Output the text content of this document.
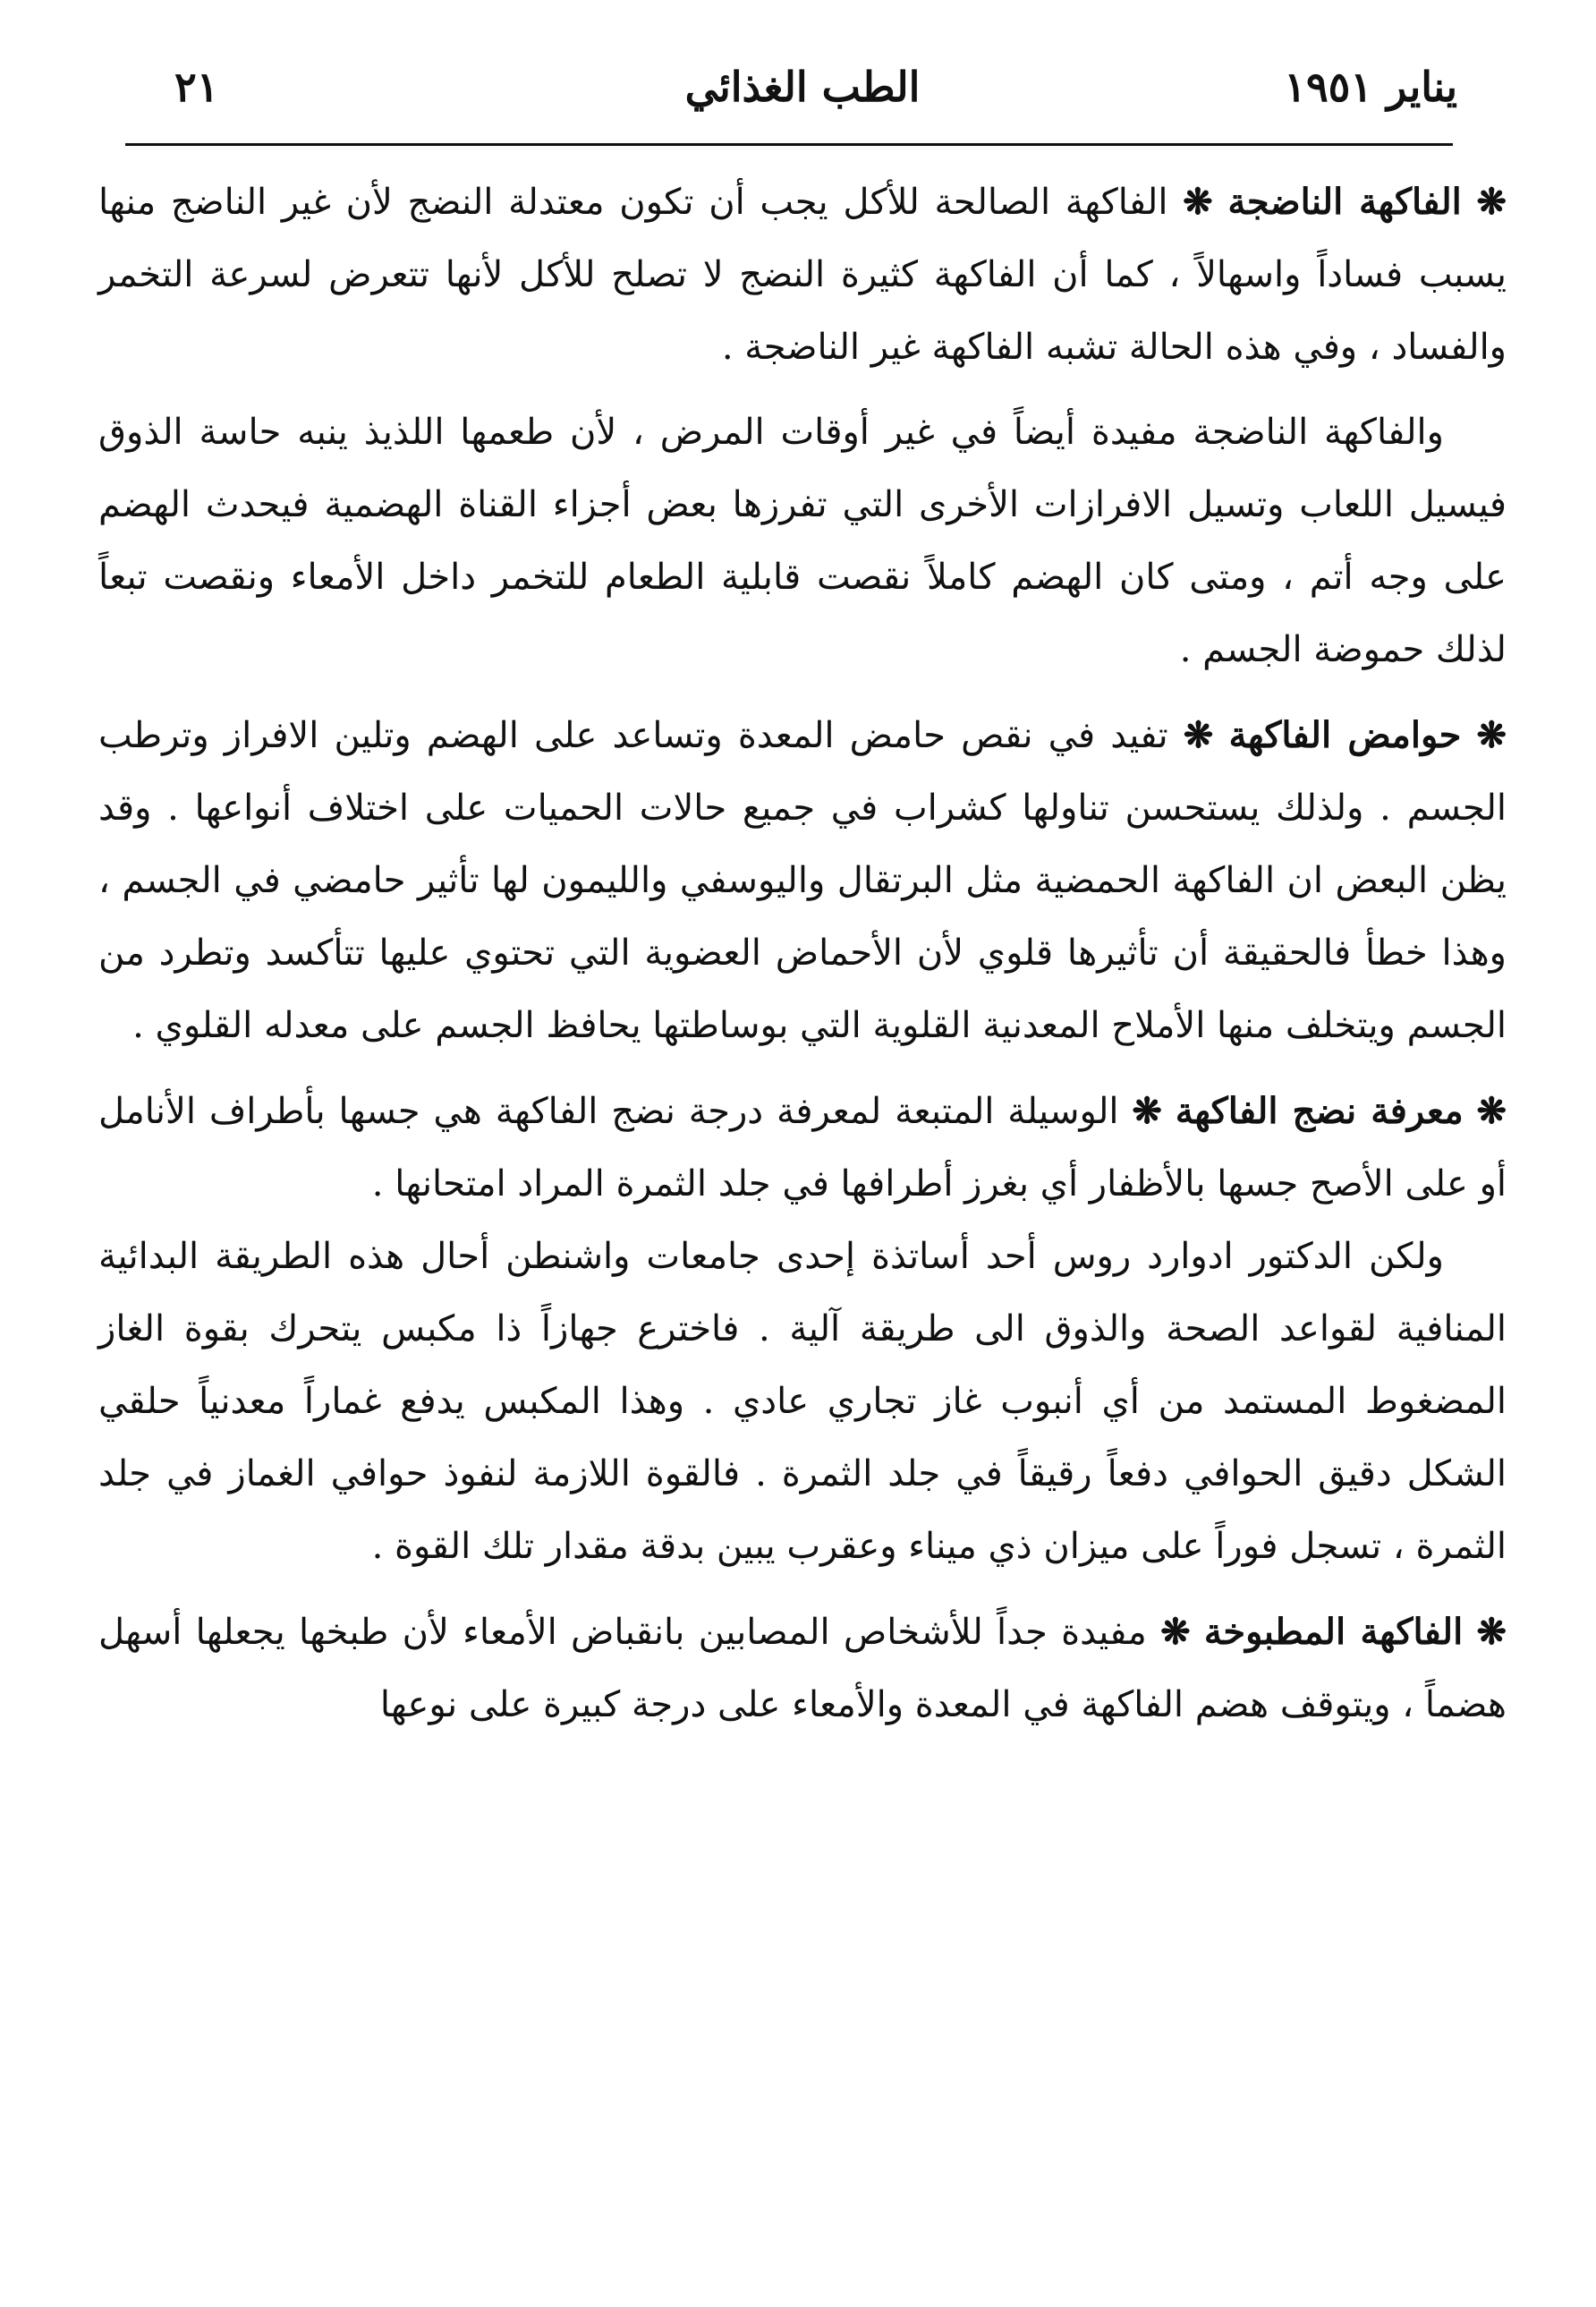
يناير ١٩٥١
الطب الغذائي
٢١

❋ الفاكهة الناضجة ❋ الفاكهة الصالحة للأكل يجب أن تكون معتدلة النضج لأن غير الناضج منها يسبب فساداً واسهالاً ، كما أن الفاكهة كثيرة النضج لا تصلح للأكل لأنها تتعرض لسرعة التخمر والفساد ، وفي هذه الحالة تشبه الفاكهة غير الناضجة .

والفاكهة الناضجة مفيدة أيضاً في غير أوقات المرض ، لأن طعمها اللذيذ ينبه حاسة الذوق فيسيل اللعاب وتسيل الافرازات الأخرى التي تفرزها بعض أجزاء القناة الهضمية فيحدث الهضم على وجه أتم ، ومتى كان الهضم كاملاً نقصت قابلية الطعام للتخمر داخل الأمعاء ونقصت تبعاً لذلك حموضة الجسم .

❋ حوامض الفاكهة ❋ تفيد في نقص حامض المعدة وتساعد على الهضم وتلين الافراز وترطب الجسم . ولذلك يستحسن تناولها كشراب في جميع حالات الحميات على اختلاف أنواعها . وقد يظن البعض ان الفاكهة الحمضية مثل البرتقال واليوسفي والليمون لها تأثير حامضي في الجسم ، وهذا خطأ فالحقيقة أن تأثيرها قلوي لأن الأحماض العضوية التي تحتوي عليها تتأكسد وتطرد من الجسم ويتخلف منها الأملاح المعدنية القلوية التي بوساطتها يحافظ الجسم على معدله القلوي .

❋ معرفة نضج الفاكهة ❋ الوسيلة المتبعة لمعرفة درجة نضج الفاكهة هي جسها بأطراف الأنامل أو على الأصح جسها بالأظفار أي بغرز أطرافها في جلد الثمرة المراد امتحانها .

ولكن الدكتور ادوارد روس أحد أساتذة إحدى جامعات واشنطن أحال هذه الطريقة البدائية المنافية لقواعد الصحة والذوق الى طريقة آلية . فاخترع جهازاً ذا مكبس يتحرك بقوة الغاز المضغوط المستمد من أي أنبوب غاز تجاري عادي . وهذا المكبس يدفع غماراً معدنياً حلقي الشكل دقيق الحوافي دفعاً رقيقاً في جلد الثمرة . فالقوة اللازمة لنفوذ حوافي الغماز في جلد الثمرة ، تسجل فوراً على ميزان ذي ميناء وعقرب يبين بدقة مقدار تلك القوة .

❋ الفاكهة المطبوخة ❋ مفيدة جداً للأشخاص المصابين بانقباض الأمعاء لأن طبخها يجعلها أسهل هضماً ، ويتوقف هضم الفاكهة في المعدة والأمعاء على درجة كبيرة على نوعها
